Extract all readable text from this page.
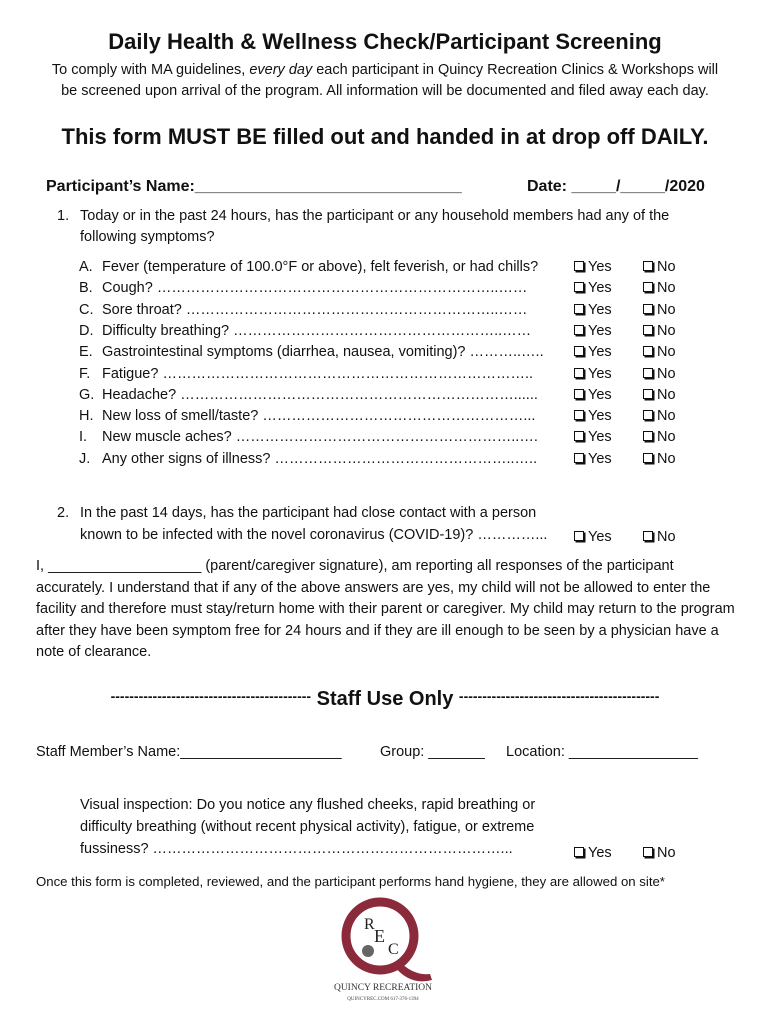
Daily Health & Wellness Check/Participant Screening
To comply with MA guidelines, every day each participant in Quincy Recreation Clinics & Workshops will
be screened upon arrival of the program. All information will be documented and filed away each day.
This form MUST BE filled out and handed in at drop off DAILY.
Participant’s Name:______________________________	Date: _____/_____/2020
1. Today or in the past 24 hours, has the participant or any household members had any of the
following symptoms?
A. Fever (temperature of 100.0°F or above), felt feverish, or had chills?	Yes	No
B. Cough? ……………………………………………………………..……	Yes	No
C. Sore throat? ………………………………………………………..……	Yes	No
D. Difficulty breathing? ………………………………………………..……	Yes	No
E. Gastrointestinal symptoms (diarrhea, nausea, vomiting)? ………..…..	Yes	No
F. Fatigue? …………………………………………………………………..	Yes	No
G. Headache? ……………………………………………………………......	Yes	No
H. New loss of smell/taste? ………………………………………………...	Yes	No
I. New muscle aches? …………………………………………………..….	Yes	No
J. Any other signs of illness? …………………………………………..…..	Yes	No
2. In the past 14 days, has the participant had close contact with a person
known to be infected with the novel coronavirus (COVID-19)? …………...	Yes	No
I, ___________________ (parent/caregiver signature), am reporting all responses of the participant accurately. I understand that if any of the above answers are yes, my child will not be allowed to enter the facility and therefore must stay/return home with their parent or caregiver. My child may return to the program after they have been symptom free for 24 hours and if they are ill enough to be seen by a physician have a note of clearance.
------------------------------------------- Staff Use Only -------------------------------------------
Staff Member’s Name:____________________	Group: _______ Location: ________________
Visual inspection: Do you notice any flushed cheeks, rapid breathing or
difficulty breathing (without recent physical activity), fatigue, or extreme
fussiness? ………………………………………………………………...	Yes	No
Once this form is completed, reviewed, and the participant performs hand hygiene, they are allowed on site*
R
E
C
QUINCY RECREATION
QUINCYREC.COM 617-376-1394
